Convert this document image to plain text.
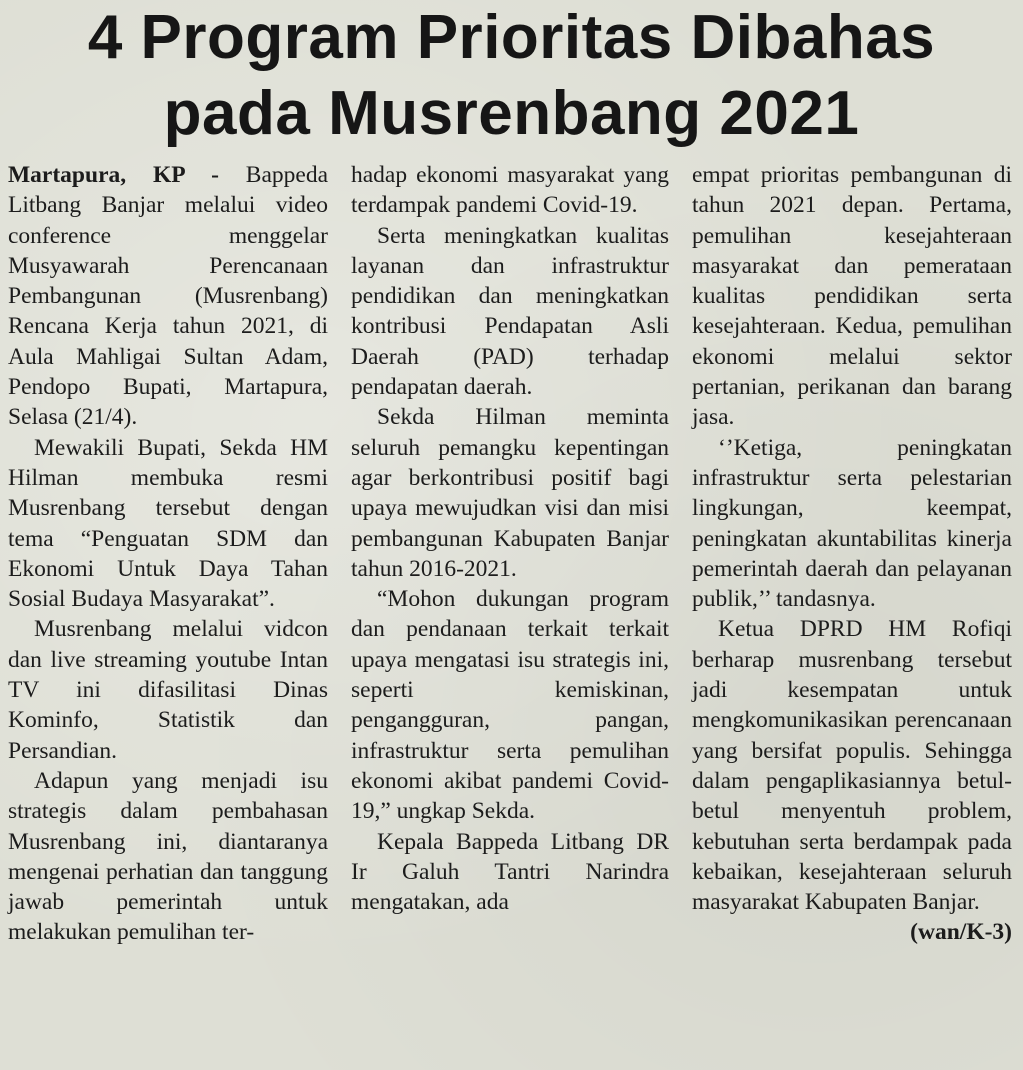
4 Program Prioritas Dibahas
pada Musrenbang 2021

Martapura, KP - Bappeda Litbang Banjar melalui video conference menggelar Musyawarah Perencanaan Pembangunan (Musrenbang) Rencana Kerja tahun 2021, di Aula Mahligai Sultan Adam, Pendopo Bupati, Martapura, Selasa (21/4).

Mewakili Bupati, Sekda HM Hilman membuka resmi Musrenbang tersebut dengan tema “Penguatan SDM dan Ekonomi Untuk Daya Tahan Sosial Budaya Masyarakat”.

Musrenbang melalui vidcon dan live streaming youtube Intan TV ini difasilitasi Dinas Kominfo, Statistik dan Persandian.

Adapun yang menjadi isu strategis dalam pembahasan Musrenbang ini, diantaranya mengenai perhatian dan tanggung jawab pemerintah untuk melakukan pemulihan ter-

hadap ekonomi masyarakat yang terdampak pandemi Covid-19.

Serta meningkatkan kualitas layanan dan infrastruktur pendidikan dan meningkatkan kontribusi Pendapatan Asli Daerah (PAD) terhadap pendapatan daerah.

Sekda Hilman meminta seluruh pemangku kepentingan agar berkontribusi positif bagi upaya mewujudkan visi dan misi pembangunan Kabupaten Banjar tahun 2016-2021.

“Mohon dukungan program dan pendanaan terkait terkait upaya mengatasi isu strategis ini, seperti kemiskinan, pengangguran, pangan, infrastruktur serta pemulihan ekonomi akibat pandemi Covid-19,” ungkap Sekda.

Kepala Bappeda Litbang DR Ir Galuh Tantri Narindra mengatakan, ada

empat prioritas pembangunan di tahun 2021 depan. Pertama, pemulihan kesejahteraan masyarakat dan pemerataan kualitas pendidikan serta kesejahteraan. Kedua, pemulihan ekonomi melalui sektor pertanian, perikanan dan barang jasa.

‘’Ketiga, peningkatan infrastruktur serta pelestarian lingkungan, keempat, peningkatan akuntabilitas kinerja pemerintah daerah dan pelayanan publik,’’ tandasnya.

Ketua DPRD HM Rofiqi berharap musrenbang tersebut jadi kesempatan untuk mengkomunikasikan perencanaan yang bersifat populis. Sehingga dalam pengaplikasiannya betul-betul menyentuh problem, kebutuhan serta berdampak pada kebaikan, kesejahteraan seluruh masyarakat Kabupaten Banjar.

(wan/K-3)
